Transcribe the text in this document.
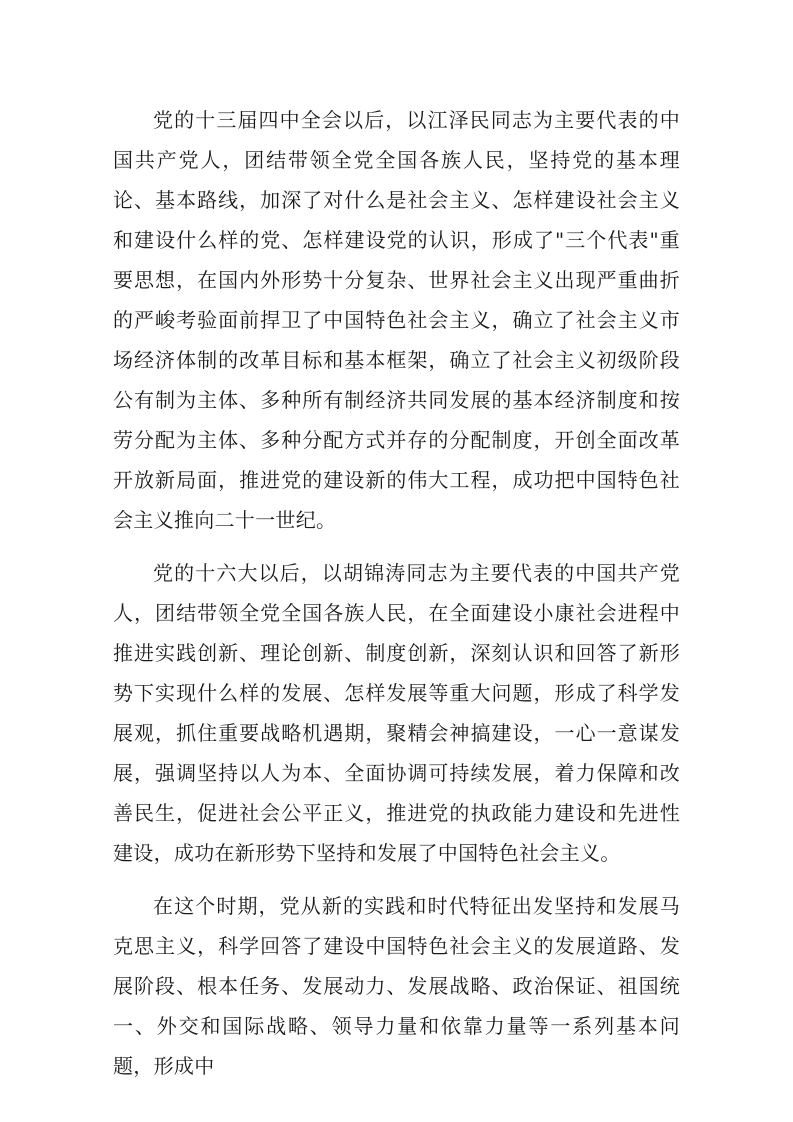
党的十三届四中全会以后，以江泽民同志为主要代表的中国共产党人，团结带领全党全国各族人民，坚持党的基本理论、基本路线，加深了对什么是社会主义、怎样建设社会主义和建设什么样的党、怎样建设党的认识，形成了"三个代表"重要思想，在国内外形势十分复杂、世界社会主义出现严重曲折的严峻考验面前捍卫了中国特色社会主义，确立了社会主义市场经济体制的改革目标和基本框架，确立了社会主义初级阶段公有制为主体、多种所有制经济共同发展的基本经济制度和按劳分配为主体、多种分配方式并存的分配制度，开创全面改革开放新局面，推进党的建设新的伟大工程，成功把中国特色社会主义推向二十一世纪。

党的十六大以后，以胡锦涛同志为主要代表的中国共产党人，团结带领全党全国各族人民，在全面建设小康社会进程中推进实践创新、理论创新、制度创新，深刻认识和回答了新形势下实现什么样的发展、怎样发展等重大问题，形成了科学发展观，抓住重要战略机遇期，聚精会神搞建设，一心一意谋发展，强调坚持以人为本、全面协调可持续发展，着力保障和改善民生，促进社会公平正义，推进党的执政能力建设和先进性建设，成功在新形势下坚持和发展了中国特色社会主义。

在这个时期，党从新的实践和时代特征出发坚持和发展马克思主义，科学回答了建设中国特色社会主义的发展道路、发展阶段、根本任务、发展动力、发展战略、政治保证、祖国统一、外交和国际战略、领导力量和依靠力量等一系列基本问题，形成中
